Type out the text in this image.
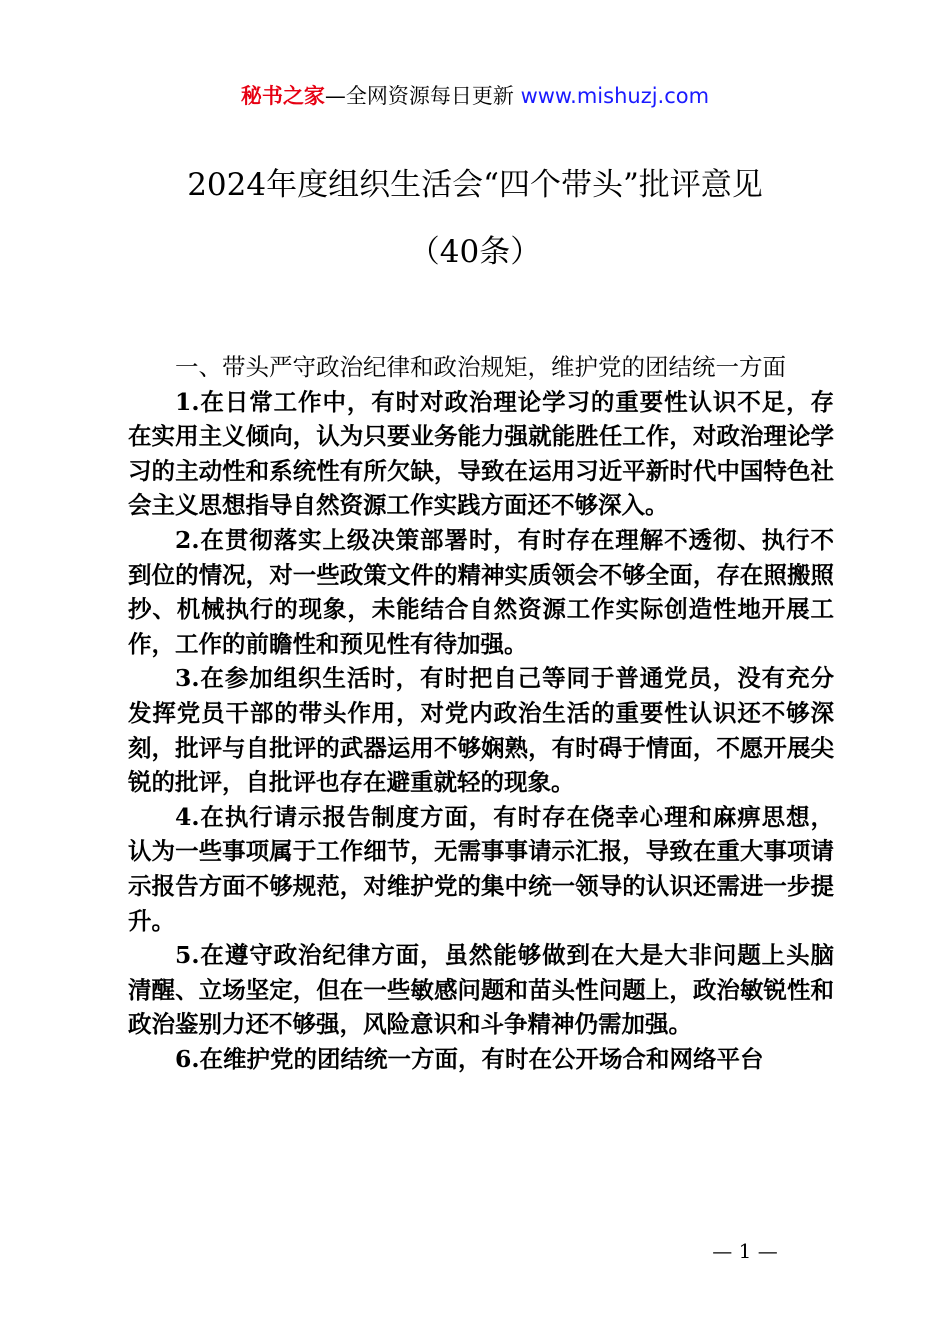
秘书之家—全网资源每日更新 www.mishuzj.com
2024年度组织生活会“四个带头”批评意见
（40条）

一、带头严守政治纪律和政治规矩，维护党的团结统一方面

1.在日常工作中，有时对政治理论学习的重要性认识不足，存在实用主义倾向，认为只要业务能力强就能胜任工作，对政治理论学习的主动性和系统性有所欠缺，导致在运用习近平新时代中国特色社会主义思想指导自然资源工作实践方面还不够深入。

2.在贯彻落实上级决策部署时，有时存在理解不透彻、执行不到位的情况，对一些政策文件的精神实质领会不够全面，存在照搬照抄、机械执行的现象，未能结合自然资源工作实际创造性地开展工作，工作的前瞻性和预见性有待加强。

3.在参加组织生活时，有时把自己等同于普通党员，没有充分发挥党员干部的带头作用，对党内政治生活的重要性认识还不够深刻，批评与自批评的武器运用不够娴熟，有时碍于情面，不愿开展尖锐的批评，自批评也存在避重就轻的现象。

4.在执行请示报告制度方面，有时存在侥幸心理和麻痹思想，认为一些事项属于工作细节，无需事事请示汇报，导致在重大事项请示报告方面不够规范，对维护党的集中统一领导的认识还需进一步提升。

5.在遵守政治纪律方面，虽然能够做到在大是大非问题上头脑清醒、立场坚定，但在一些敏感问题和苗头性问题上，政治敏锐性和政治鉴别力还不够强，风险意识和斗争精神仍需加强。

6.在维护党的团结统一方面，有时在公开场合和网络平台

— 1 —
